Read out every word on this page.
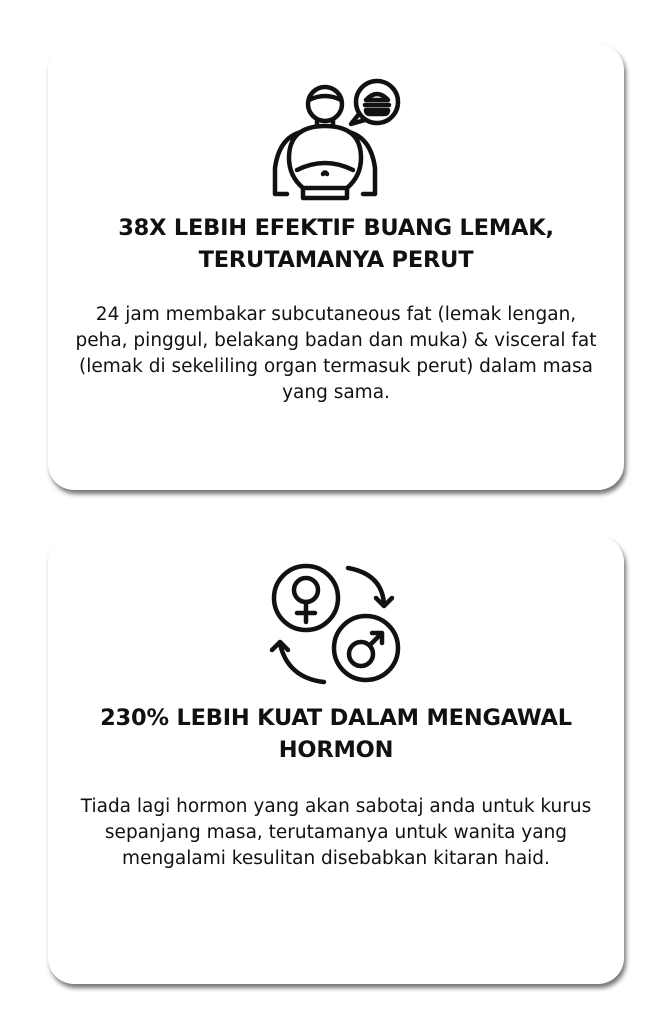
38X LEBIH EFEKTIF BUANG LEMAK, TERUTAMANYA PERUT

24 jam membakar subcutaneous fat (lemak lengan, peha, pinggul, belakang badan dan muka) & visceral fat (lemak di sekeliling organ termasuk perut) dalam masa yang sama.

230% LEBIH KUAT DALAM MENGAWAL HORMON

Tiada lagi hormon yang akan sabotaj anda untuk kurus sepanjang masa, terutamanya untuk wanita yang mengalami kesulitan disebabkan kitaran haid.
